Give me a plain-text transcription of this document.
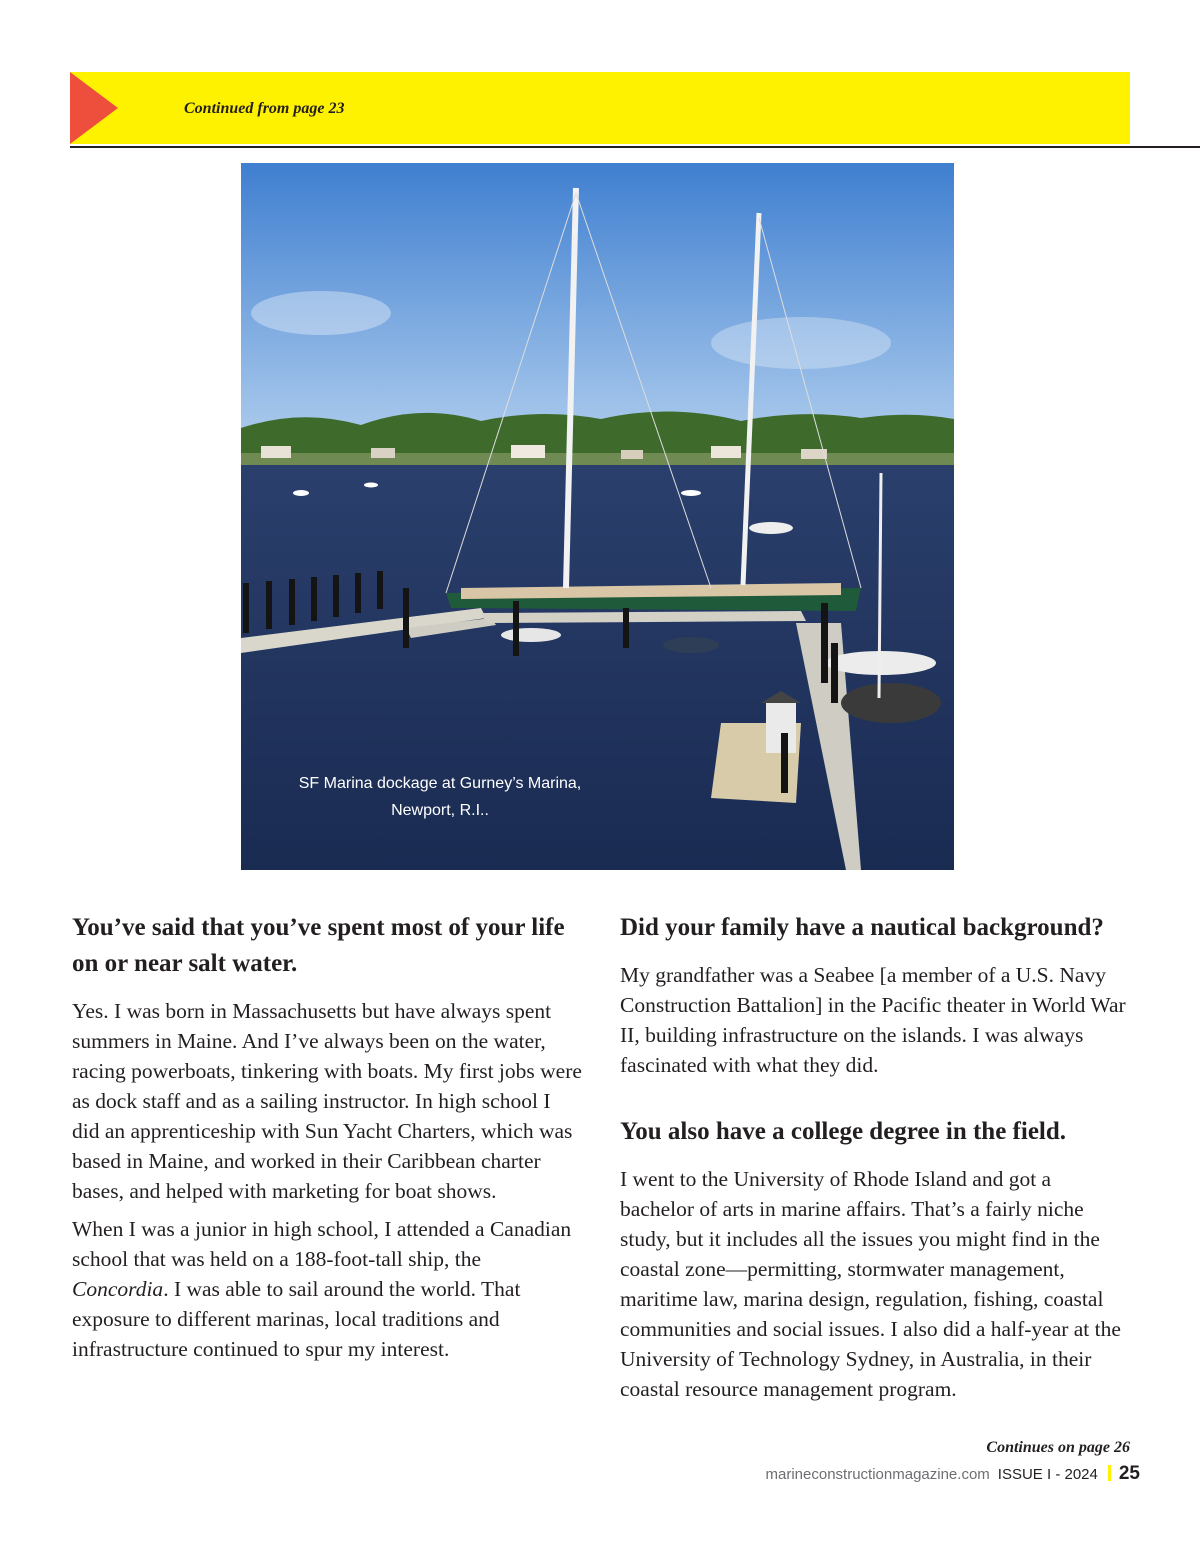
Continued from page 23
SF Marina dockage at Gurney’s Marina,
Newport, R.I..
You’ve said that you’ve spent most of your life on or near salt water.

Yes. I was born in Massachusetts but have always spent summers in Maine. And I’ve always been on the water, racing powerboats, tinkering with boats. My first jobs were as dock staff and as a sailing instructor. In high school I did an apprenticeship with Sun Yacht Charters, which was based in Maine, and worked in their Caribbean charter bases, and helped with marketing for boat shows.

When I was a junior in high school, I attended a Canadian school that was held on a 188-foot-tall ship, the Concordia. I was able to sail around the world. That exposure to different marinas, local traditions and infrastructure continued to spur my interest.

Did your family have a nautical background?

My grandfather was a Seabee [a member of a U.S. Navy Construction Battalion] in the Pacific theater in World War II, building infrastructure on the islands. I was always fascinated with what they did.

You also have a college degree in the field.

I went to the University of Rhode Island and got a bachelor of arts in marine affairs. That’s a fairly niche study, but it includes all the issues you might find in the coastal zone—permitting, stormwater management, maritime law, marina design, regulation, fishing, coastal communities and social issues. I also did a half-year at the University of Technology Sydney, in Australia, in their coastal resource management program.

Continues on page 26
marineconstructionmagazine.com ISSUE I - 2024 25
